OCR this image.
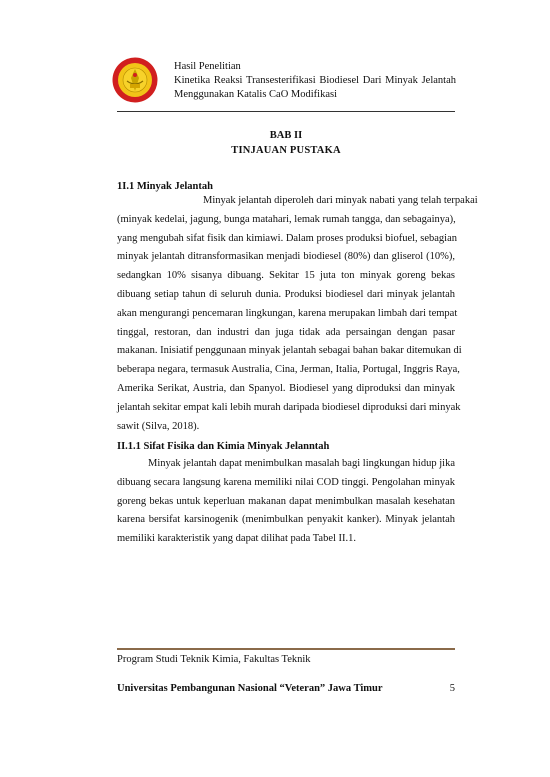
Hasil Penelitian
Kinetika Reaksi Transesterifikasi Biodiesel Dari Minyak Jelantah
Menggunakan Katalis CaO Modifikasi
BAB II
TINJAUAN PUSTAKA
1I.1 Minyak Jelantah
Minyak jelantah diperoleh dari minyak nabati yang telah terpakai
(minyak kedelai, jagung, bunga matahari, lemak rumah tangga, dan sebagainya),
yang mengubah sifat fisik dan kimiawi. Dalam proses produksi biofuel, sebagian
minyak jelantah ditransformasikan menjadi biodiesel (80%) dan gliserol (10%),
sedangkan 10% sisanya dibuang. Sekitar 15 juta ton minyak goreng bekas
dibuang setiap tahun di seluruh dunia. Produksi biodiesel dari minyak jelantah
akan mengurangi pencemaran lingkungan, karena merupakan limbah dari tempat
tinggal, restoran, dan industri dan juga tidak ada persaingan dengan pasar
makanan. Inisiatif penggunaan minyak jelantah sebagai bahan bakar ditemukan di
beberapa negara, termasuk Australia, Cina, Jerman, Italia, Portugal, Inggris Raya,
Amerika Serikat, Austria, dan Spanyol. Biodiesel yang diproduksi dan minyak
jelantah sekitar empat kali lebih murah daripada biodiesel diproduksi dari minyak
sawit (Silva, 2018).
II.1.1 Sifat Fisika dan Kimia Minyak Jelanntah
Minyak jelantah dapat menimbulkan masalah bagi lingkungan hidup jika
dibuang secara langsung karena memiliki nilai COD tinggi. Pengolahan minyak
goreng bekas untuk keperluan makanan dapat menimbulkan masalah kesehatan
karena bersifat karsinogenik (menimbulkan penyakit kanker). Minyak jelantah
memiliki karakteristik yang dapat dilihat pada Tabel II.1.
Program Studi Teknik Kimia, Fakultas Teknik
Universitas Pembangunan Nasional “Veteran” Jawa Timur	5
